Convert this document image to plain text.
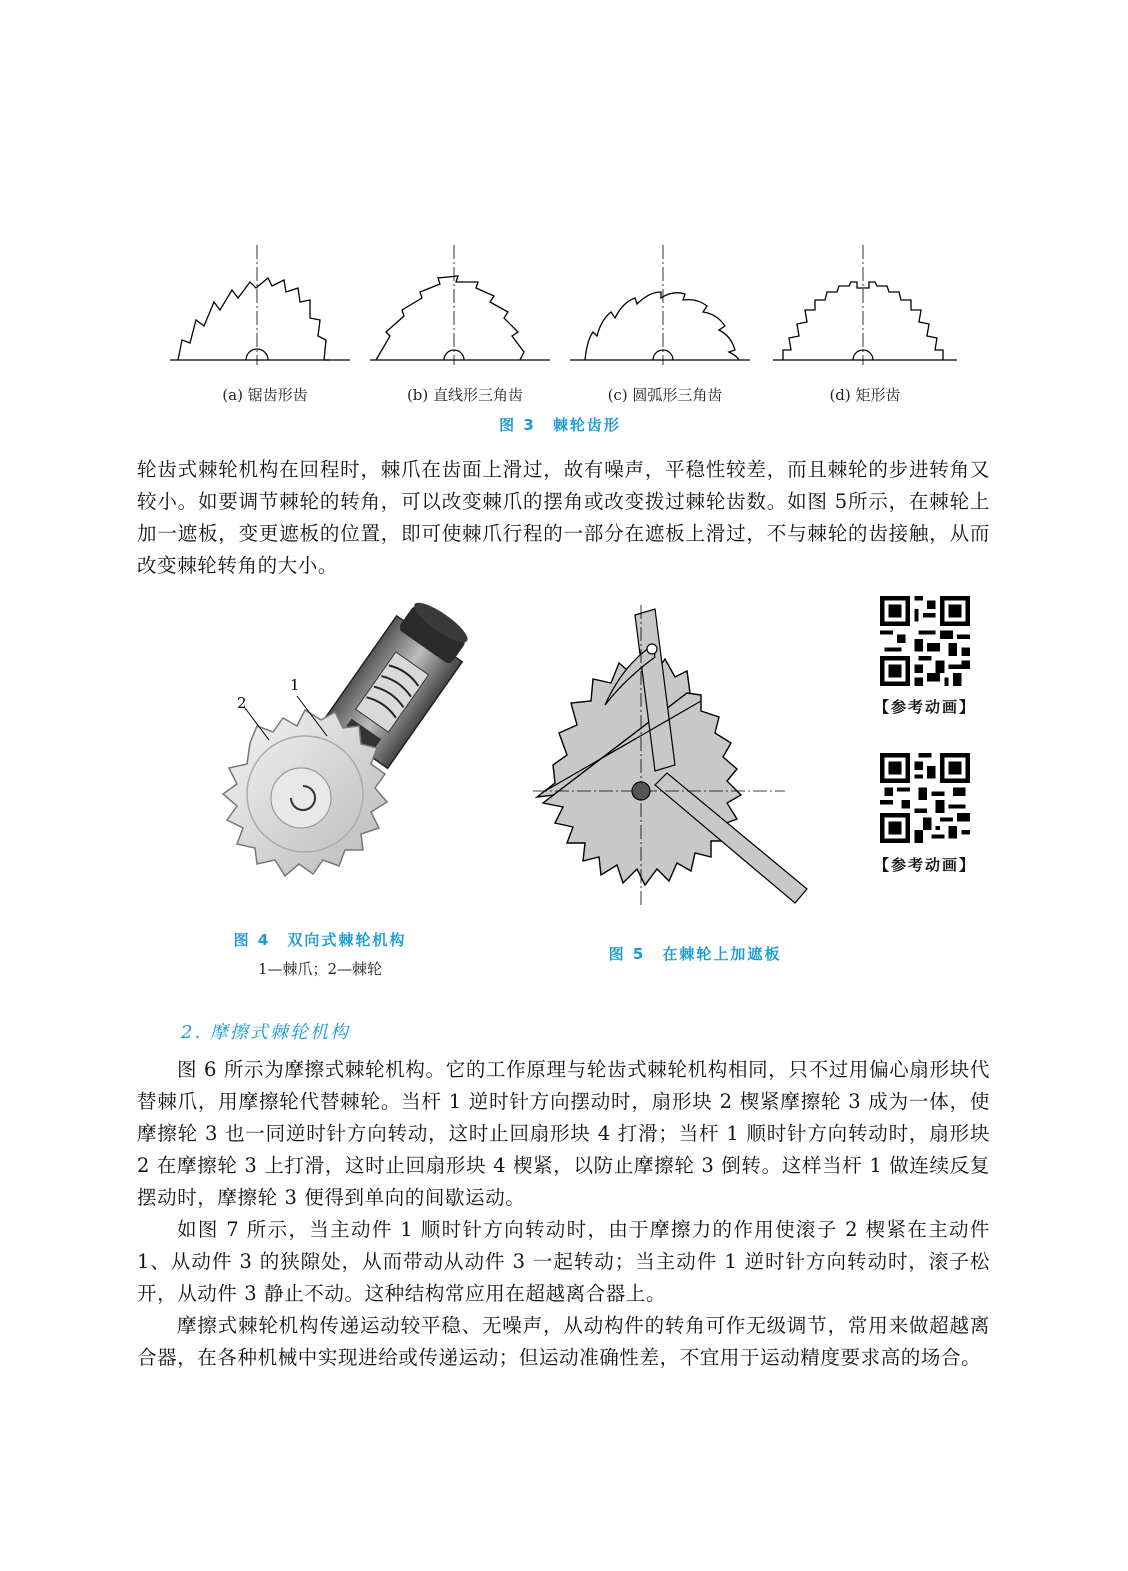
(a) 锯齿形齿	(b) 直线形三角齿	(c) 圆弧形三角齿	(d) 矩形齿
图 3　棘轮齿形
轮齿式棘轮机构在回程时，棘爪在齿面上滑过，故有噪声，平稳性较差，而且棘轮的步进转角又较小。如要调节棘轮的转角，可以改变棘爪的摆角或改变拨过棘轮齿数。如图 5所示，在棘轮上加一遮板，变更遮板的位置，即可使棘爪行程的一部分在遮板上滑过，不与棘轮的齿接触，从而改变棘轮转角的大小。
1
2
图 4　双向式棘轮机构
1—棘爪；2—棘轮
图 5　在棘轮上加遮板
【参考动画】
【参考动画】
2. 摩擦式棘轮机构
图 6 所示为摩擦式棘轮机构。它的工作原理与轮齿式棘轮机构相同，只不过用偏心扇形块代替棘爪，用摩擦轮代替棘轮。当杆 1 逆时针方向摆动时，扇形块 2 楔紧摩擦轮 3 成为一体，使摩擦轮 3 也一同逆时针方向转动，这时止回扇形块 4 打滑；当杆 1 顺时针方向转动时，扇形块 2 在摩擦轮 3 上打滑，这时止回扇形块 4 楔紧，以防止摩擦轮 3 倒转。这样当杆 1 做连续反复摆动时，摩擦轮 3 便得到单向的间歇运动。
如图 7 所示，当主动件 1 顺时针方向转动时，由于摩擦力的作用使滚子 2 楔紧在主动件 1、从动件 3 的狭隙处，从而带动从动件 3 一起转动；当主动件 1 逆时针方向转动时，滚子松开，从动件 3 静止不动。这种结构常应用在超越离合器上。
摩擦式棘轮机构传递运动较平稳、无噪声，从动构件的转角可作无级调节，常用来做超越离合器，在各种机械中实现进给或传递运动；但运动准确性差，不宜用于运动精度要求高的场合。
